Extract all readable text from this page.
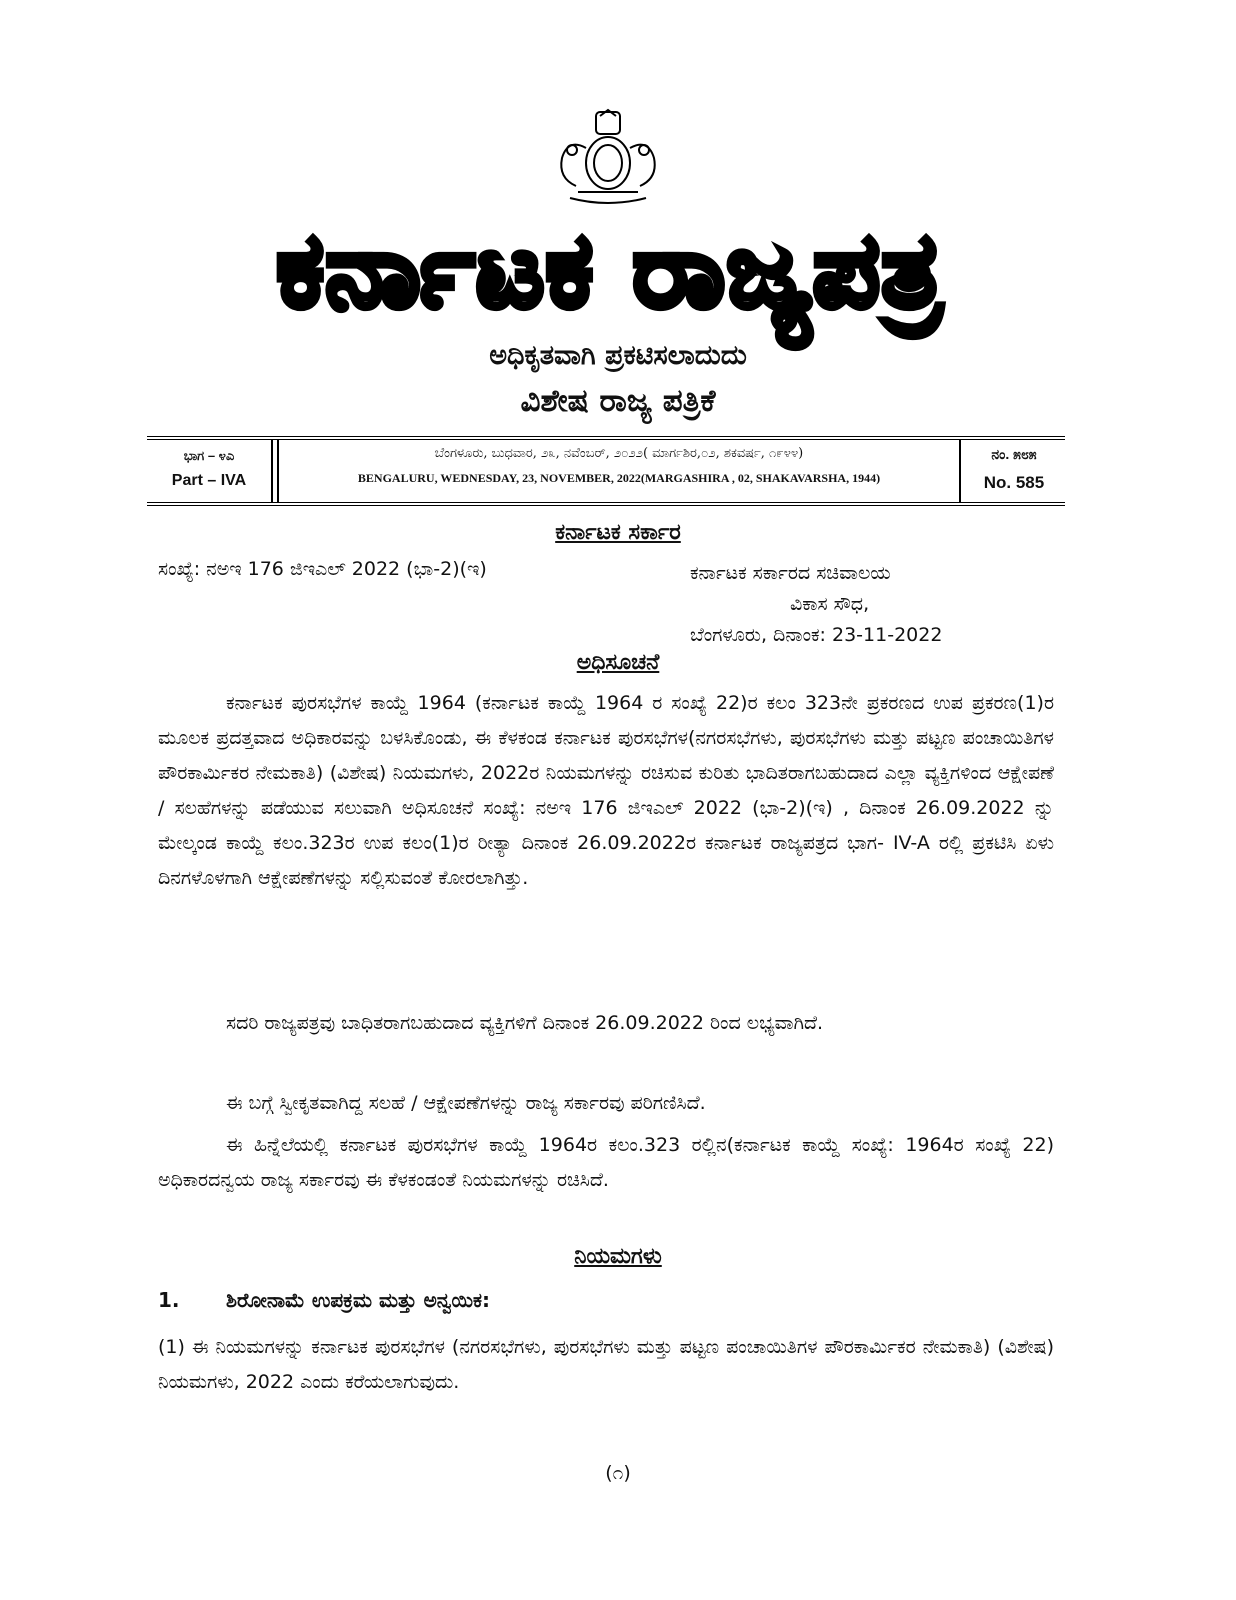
ಕರ್ನಾಟಕ ರಾಜ್ಯಪತ್ರ
ಅಧಿಕೃತವಾಗಿ ಪ್ರಕಟಿಸಲಾದುದು
ವಿಶೇಷ ರಾಜ್ಯ ಪತ್ರಿಕೆ
ಭಾಗ – ೪ಎ
Part – IVA
ಬೆಂಗಳೂರು, ಬುಧವಾರ, ೨೩, ನವೆಂಬರ್, ೨೦೨೨( ಮಾರ್ಗಶಿರ,೦೨, ಶಕವರ್ಷ, ೧೯೪೪)
BENGALURU, WEDNESDAY, 23, NOVEMBER, 2022(MARGASHIRA , 02, SHAKAVARSHA, 1944)
ನಂ. ೫೮೫
No. 585
ಕರ್ನಾಟಕ ಸರ್ಕಾರ
ಸಂಖ್ಯೆ: ನಅಇ 176 ಜಿಇಎಲ್ 2022 (ಭಾ-2)(ಇ)	ಕರ್ನಾಟಕ ಸರ್ಕಾರದ ಸಚಿವಾಲಯ
ವಿಕಾಸ ಸೌಧ,
ಬೆಂಗಳೂರು, ದಿನಾಂಕ: 23-11-2022
ಅಧಿಸೂಚನೆ
ಕರ್ನಾಟಕ ಪುರಸಭೆಗಳ ಕಾಯ್ದೆ 1964 (ಕರ್ನಾಟಕ ಕಾಯ್ದೆ 1964 ರ ಸಂಖ್ಯೆ 22)ರ ಕಲಂ 323ನೇ ಪ್ರಕರಣದ ಉಪ ಪ್ರಕರಣ(1)ರ ಮೂಲಕ ಪ್ರದತ್ತವಾದ ಅಧಿಕಾರವನ್ನು ಬಳಸಿಕೊಂಡು, ಈ ಕೆಳಕಂಡ ಕರ್ನಾಟಕ ಪುರಸಭೆಗಳ(ನಗರಸಭೆಗಳು, ಪುರಸಭೆಗಳು ಮತ್ತು ಪಟ್ಟಣ ಪಂಚಾಯಿತಿಗಳ ಪೌರಕಾರ್ಮಿಕರ ನೇಮಕಾತಿ) (ವಿಶೇಷ) ನಿಯಮಗಳು, 2022ರ ನಿಯಮಗಳನ್ನು ರಚಿಸುವ ಕುರಿತು ಭಾದಿತರಾಗಬಹುದಾದ ಎಲ್ಲಾ ವ್ಯಕ್ತಿಗಳಿಂದ ಆಕ್ಷೇಪಣೆ / ಸಲಹೆಗಳನ್ನು ಪಡೆಯುವ ಸಲುವಾಗಿ ಅಧಿಸೂಚನೆ ಸಂಖ್ಯೆ: ನಅಇ 176 ಜಿಇಎಲ್ 2022 (ಭಾ-2)(ಇ) , ದಿನಾಂಕ 26.09.2022 ನ್ನು ಮೇಲ್ಕಂಡ ಕಾಯ್ದೆ ಕಲಂ.323ರ ಉಪ ಕಲಂ(1)ರ ರೀತ್ಯಾ ದಿನಾಂಕ 26.09.2022ರ ಕರ್ನಾಟಕ ರಾಜ್ಯಪತ್ರದ ಭಾಗ- IV-A ರಲ್ಲಿ ಪ್ರಕಟಿಸಿ ಏಳು ದಿನಗಳೊಳಗಾಗಿ ಆಕ್ಷೇಪಣೆಗಳನ್ನು ಸಲ್ಲಿಸುವಂತೆ ಕೋರಲಾಗಿತ್ತು.
ಸದರಿ ರಾಜ್ಯಪತ್ರವು ಬಾಧಿತರಾಗಬಹುದಾದ ವ್ಯಕ್ತಿಗಳಿಗೆ ದಿನಾಂಕ 26.09.2022 ರಿಂದ ಲಭ್ಯವಾಗಿದೆ.
ಈ ಬಗ್ಗೆ ಸ್ವೀಕೃತವಾಗಿದ್ದ ಸಲಹೆ / ಆಕ್ಷೇಪಣೆಗಳನ್ನು ರಾಜ್ಯ ಸರ್ಕಾರವು ಪರಿಗಣಿಸಿದೆ.
ಈ ಹಿನ್ನೆಲೆಯಲ್ಲಿ ಕರ್ನಾಟಕ ಪುರಸಭೆಗಳ ಕಾಯ್ದೆ 1964ರ ಕಲಂ.323 ರಲ್ಲಿನ(ಕರ್ನಾಟಕ ಕಾಯ್ದೆ ಸಂಖ್ಯೆ: 1964ರ ಸಂಖ್ಯೆ 22) ಅಧಿಕಾರದನ್ವಯ ರಾಜ್ಯ ಸರ್ಕಾರವು ಈ ಕೆಳಕಂಡಂತೆ ನಿಯಮಗಳನ್ನು ರಚಿಸಿದೆ.
ನಿಯಮಗಳು
1. ಶಿರೋನಾಮೆ ಉಪಕ್ರಮ ಮತ್ತು ಅನ್ವಯಿಕ:
(1) ಈ ನಿಯಮಗಳನ್ನು ಕರ್ನಾಟಕ ಪುರಸಭೆಗಳ (ನಗರಸಭೆಗಳು, ಪುರಸಭೆಗಳು ಮತ್ತು ಪಟ್ಟಣ ಪಂಚಾಯಿತಿಗಳ ಪೌರಕಾರ್ಮಿಕರ ನೇಮಕಾತಿ) (ವಿಶೇಷ) ನಿಯಮಗಳು, 2022 ಎಂದು ಕರೆಯಲಾಗುವುದು.
(೧)
